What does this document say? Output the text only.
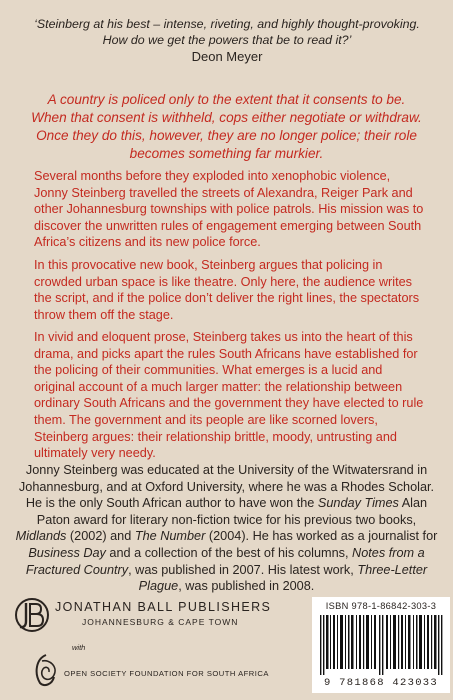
‘Steinberg at his best – intense, riveting, and highly thought-provoking.
How do we get the powers that be to read it?’
Deon Meyer
A country is policed only to the extent that it consents to be.
When that consent is withheld, cops either negotiate or withdraw.
Once they do this, however, they are no longer police; their role
becomes something far murkier.
Several months before they exploded into xenophobic violence, Jonny Steinberg travelled the streets of Alexandra, Reiger Park and other Johannesburg townships with police patrols. His mission was to discover the unwritten rules of engagement emerging between South Africa’s citizens and its new police force.
In this provocative new book, Steinberg argues that policing in crowded urban space is like theatre. Only here, the audience writes the script, and if the police don’t deliver the right lines, the spectators throw them off the stage.
In vivid and eloquent prose, Steinberg takes us into the heart of this drama, and picks apart the rules South Africans have established for the policing of their communities. What emerges is a lucid and original account of a much larger matter: the relationship between ordinary South Africans and the government they have elected to rule them. The government and its people are like scorned lovers, Steinberg argues: their relationship brittle, moody, untrusting and ultimately very needy.
Jonny Steinberg was educated at the University of the Witwatersrand in Johannesburg, and at Oxford University, where he was a Rhodes Scholar. He is the only South African author to have won the Sunday Times Alan Paton award for literary non-fiction twice for his previous two books, Midlands (2002) and The Number (2004). He has worked as a journalist for Business Day and a collection of the best of his columns, Notes from a Fractured Country, was published in 2007. His latest work, Three-Letter Plague, was published in 2008.
JONATHAN BALL PUBLISHERS
JOHANNESBURG & CAPE TOWN
with
OPEN SOCIETY FOUNDATION FOR SOUTH AFRICA
ISBN 978-1-86842-303-3
9 781868 423033
